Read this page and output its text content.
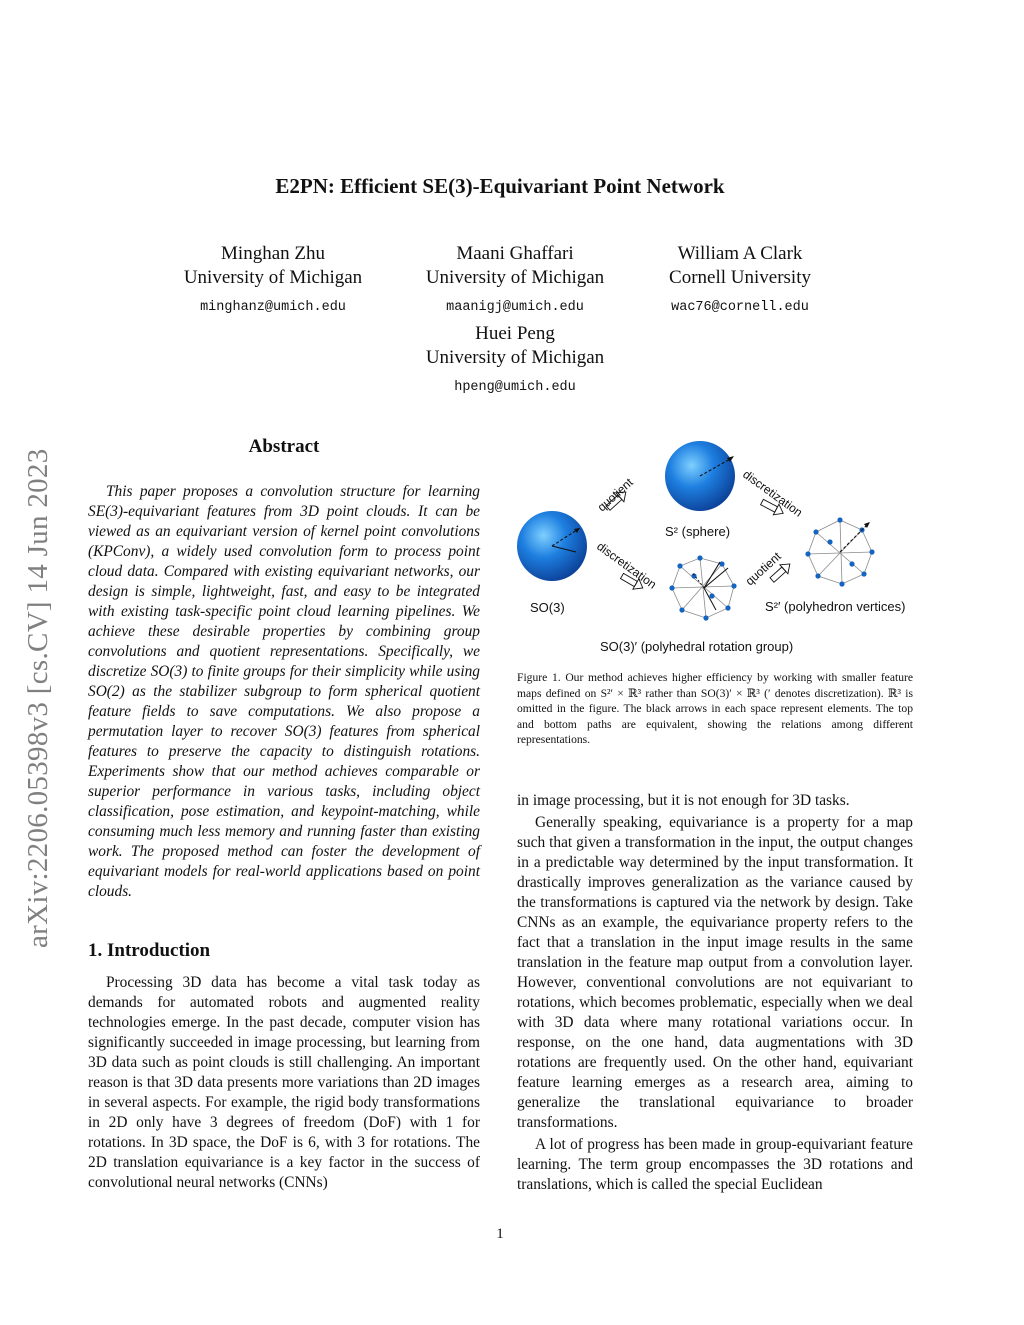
E2PN: Efficient SE(3)-Equivariant Point Network
Minghan Zhu
University of Michigan
minghanz@umich.edu
Maani Ghaffari
University of Michigan
maanigj@umich.edu
William A Clark
Cornell University
wac76@cornell.edu
Huei Peng
University of Michigan
hpeng@umich.edu
arXiv:2206.05398v3 [cs.CV] 14 Jun 2023
Abstract
This paper proposes a convolution structure for learning SE(3)-equivariant features from 3D point clouds. It can be viewed as an equivariant version of kernel point convolutions (KPConv), a widely used convolution form to process point cloud data. Compared with existing equivariant networks, our design is simple, lightweight, fast, and easy to be integrated with existing task-specific point cloud learning pipelines. We achieve these desirable properties by combining group convolutions and quotient representations. Specifically, we discretize SO(3) to finite groups for their simplicity while using SO(2) as the stabilizer subgroup to form spherical quotient feature fields to save computations. We also propose a permutation layer to recover SO(3) features from spherical features to preserve the capacity to distinguish rotations. Experiments show that our method achieves comparable or superior performance in various tasks, including object classification, pose estimation, and keypoint-matching, while consuming much less memory and running faster than existing work. The proposed method can foster the development of equivariant models for real-world applications based on point clouds.
1. Introduction

Processing 3D data has become a vital task today as demands for automated robots and augmented reality technologies emerge. In the past decade, computer vision has significantly succeeded in image processing, but learning from 3D data such as point clouds is still challenging. An important reason is that 3D data presents more variations than 2D images in several aspects. For example, the rigid body transformations in 2D only have 3 degrees of freedom (DoF) with 1 for rotations. In 3D space, the DoF is 6, with 3 for rotations. The 2D translation equivariance is a key factor in the success of convolutional neural networks (CNNs)

SO(3)
S² (sphere)
quotient	discretization
discretization	quotient
SO(3)′ (polyhedral rotation group)
S²′ (polyhedron vertices)
Figure 1. Our method achieves higher efficiency by working with smaller feature maps defined on S²′ × ℝ³ rather than SO(3)′ × ℝ³ (′ denotes discretization). ℝ³ is omitted in the figure. The black arrows in each space represent elements. The top and bottom paths are equivalent, showing the relations among different representations.

in image processing, but it is not enough for 3D tasks.

Generally speaking, equivariance is a property for a map such that given a transformation in the input, the output changes in a predictable way determined by the input transformation. It drastically improves generalization as the variance caused by the transformations is captured via the network by design. Take CNNs as an example, the equivariance property refers to the fact that a translation in the input image results in the same translation in the feature map output from a convolution layer. However, conventional convolutions are not equivariant to rotations, which becomes problematic, especially when we deal with 3D data where many rotational variations occur. In response, on the one hand, data augmentations with 3D rotations are frequently used. On the other hand, equivariant feature learning emerges as a research area, aiming to generalize the translational equivariance to broader transformations.

A lot of progress has been made in group-equivariant feature learning. The term group encompasses the 3D rotations and translations, which is called the special Euclidean

1
